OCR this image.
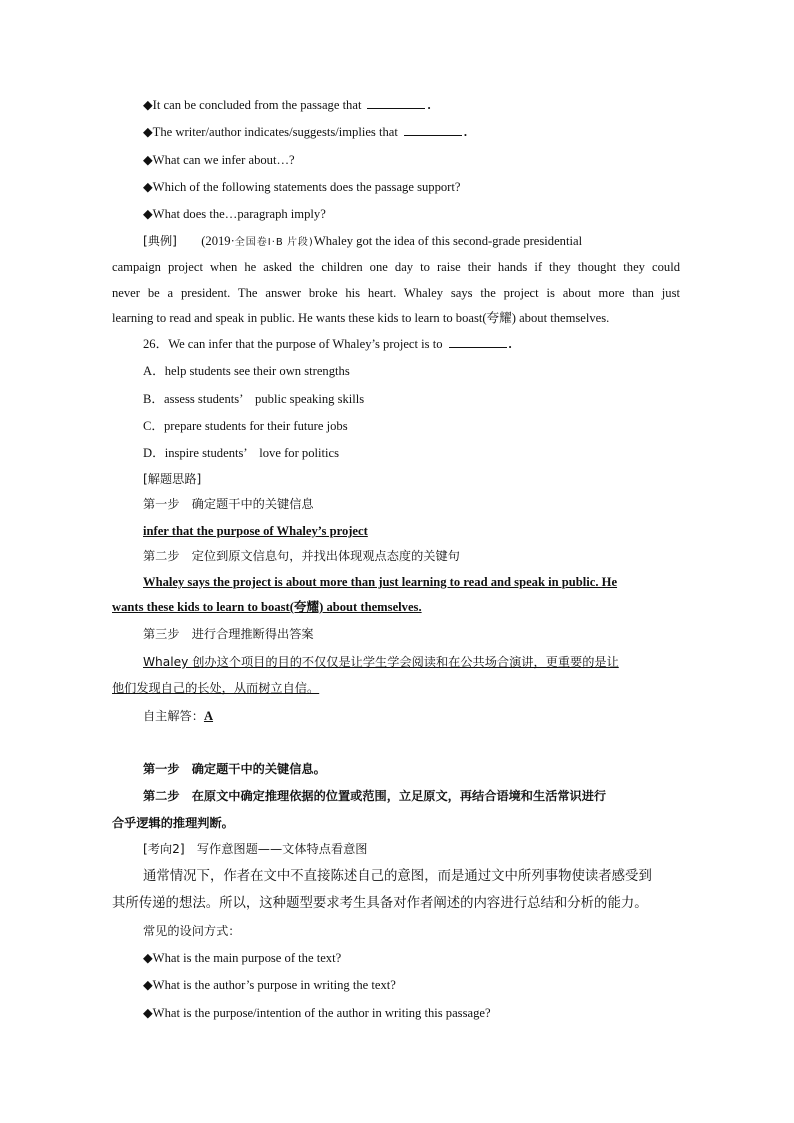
◆It can be concluded from the passage that	.
◆The writer/author indicates/suggests/implies that	.
◆What can we infer about…?
◆Which of the following statements does the passage support?
◆What does the…paragraph imply?
[典例] (2019·全国卷Ⅰ·B 片段)Whaley got the idea of this second-grade presidential
campaign project when he asked the children one day to raise their hands if they thought they could
never be a president. The answer broke his heart. Whaley says the project is about more than just
learning to read and speak in public. He wants these kids to learn to boast(夸耀) about themselves.
26．We can infer that the purpose of Whaley’s project is to	.
A．help students see their own strengths
B．assess students’　public speaking skills
C．prepare students for their future jobs
D．inspire students’　love for politics
[解题思路]
第一步　确定题干中的关键信息
infer that the purpose of Whaley’s project
第二步　定位到原文信息句，并找出体现观点态度的关键句
Whaley says the project is about more than just learning to read and speak in public. He
wants these kids to learn to boast(夸耀) about themselves.
第三步　进行合理推断得出答案
Whaley 创办这个项目的目的不仅仅是让学生学会阅读和在公共场合演讲，更重要的是让
他们发现自己的长处，从而树立自信。
自主解答：A
第一步　确定题干中的关键信息。
第二步　在原文中确定推理依据的位置或范围，立足原文，再结合语境和生活常识进行
合乎逻辑的推理判断。
[考向2]　写作意图题——文体特点看意图
通常情况下，作者在文中不直接陈述自己的意图，而是通过文中所列事物使读者感受到
其所传递的想法。所以，这种题型要求考生具备对作者阐述的内容进行总结和分析的能力。
常见的设问方式：
◆What is the main purpose of the text?
◆What is the author’s purpose in writing the text?
◆What is the purpose/intention of the author in writing this passage?
